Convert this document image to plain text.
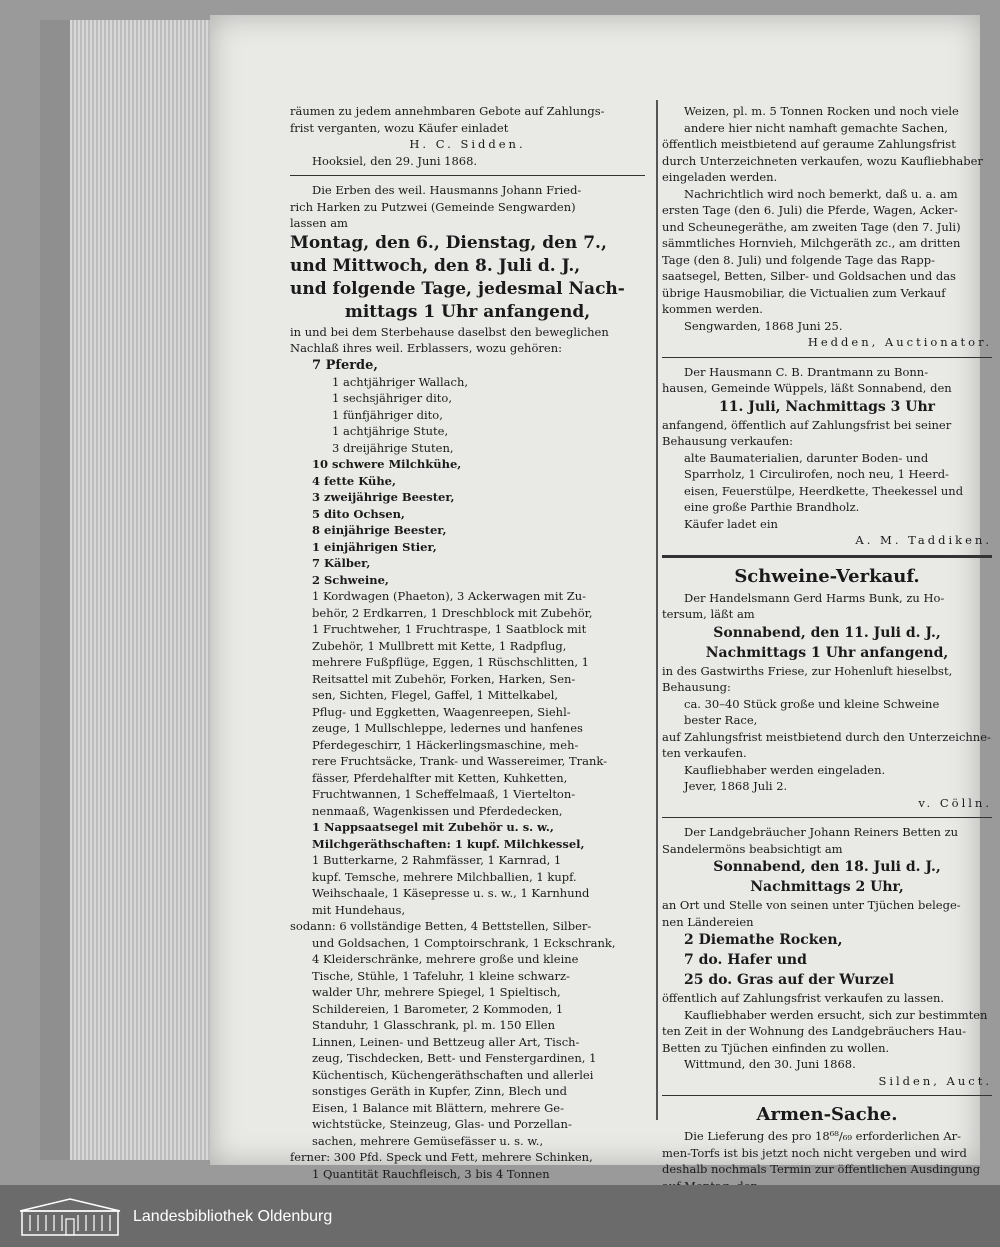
räumen zu jedem annehmbaren Gebote auf Zahlungs-

frist verganten, wozu Käufer einladet

H. C. Sidden.

Hooksiel, den 29. Juni 1868.

Die Erben des weil. Hausmanns Johann Fried-

rich Harken zu Putzwei (Gemeinde Sengwarden)

lassen am

Montag, den 6., Dienstag, den 7.,

und Mittwoch, den 8. Juli d. J.,

und folgende Tage, jedesmal Nach-

mittags 1 Uhr anfangend,

in und bei dem Sterbehause daselbst den beweglichen

Nachlaß ihres weil. Erblassers, wozu gehören:

7 Pferde,

1 achtjähriger Wallach,

1 sechsjähriger dito,

1 fünfjähriger dito,

1 achtjährige Stute,

3 dreijährige Stuten,

10 schwere Milchkühe,

4 fette Kühe,

3 zweijährige Beester,

5 dito Ochsen,

8 einjährige Beester,

1 einjährigen Stier,

7 Kälber,

2 Schweine,

1 Kordwagen (Phaeton), 3 Ackerwagen mit Zu-

behör, 2 Erdkarren, 1 Dreschblock mit Zubehör,

1 Fruchtweher, 1 Fruchtraspe, 1 Saatblock mit

Zubehör, 1 Mullbrett mit Kette, 1 Radpflug,

mehrere Fußpflüge, Eggen, 1 Rüschschlitten, 1

Reitsattel mit Zubehör, Forken, Harken, Sen-

sen, Sichten, Flegel, Gaffel, 1 Mittelkabel,

Pflug- und Eggketten, Waagenreepen, Siehl-

zeuge, 1 Mullschleppe, ledernes und hanfenes

Pferdegeschirr, 1 Häckerlingsmaschine, meh-

rere Fruchtsäcke, Trank- und Wassereimer, Trank-

fässer, Pferdehalfter mit Ketten, Kuhketten,

Fruchtwannen, 1 Scheffelmaaß, 1 Viertelton-

nenmaaß, Wagenkissen und Pferdedecken,

1 Nappsaatsegel mit Zubehör u. s. w.,

Milchgeräthschaften: 1 kupf. Milchkessel,

1 Butterkarne, 2 Rahmfässer, 1 Karnrad, 1

kupf. Temsche, mehrere Milchballien, 1 kupf.

Weihschaale, 1 Käsepresse u. s. w., 1 Karnhund

mit Hundehaus,

sodann: 6 vollständige Betten, 4 Bettstellen, Silber-

und Goldsachen, 1 Comptoirschrank, 1 Eckschrank,

4 Kleiderschränke, mehrere große und kleine

Tische, Stühle, 1 Tafeluhr, 1 kleine schwarz-

walder Uhr, mehrere Spiegel, 1 Spieltisch,

Schildereien, 1 Barometer, 2 Kommoden, 1

Standuhr, 1 Glasschrank, pl. m. 150 Ellen

Linnen, Leinen- und Bettzeug aller Art, Tisch-

zeug, Tischdecken, Bett- und Fenstergardinen, 1

Küchentisch, Küchengeräthschaften und allerlei

sonstiges Geräth in Kupfer, Zinn, Blech und

Eisen, 1 Balance mit Blättern, mehrere Ge-

wichtstücke, Steinzeug, Glas- und Porzellan-

sachen, mehrere Gemüsefässer u. s. w.,

ferner: 300 Pfd. Speck und Fett, mehrere Schinken,

1 Quantität Rauchfleisch, 3 bis 4 Tonnen

Weizen, pl. m. 5 Tonnen Rocken und noch viele

andere hier nicht namhaft gemachte Sachen,

öffentlich meistbietend auf geraume Zahlungsfrist

durch Unterzeichneten verkaufen, wozu Kaufliebhaber

eingeladen werden.

Nachrichtlich wird noch bemerkt, daß u. a. am

ersten Tage (den 6. Juli) die Pferde, Wagen, Acker-

und Scheunegeräthe, am zweiten Tage (den 7. Juli)

sämmtliches Hornvieh, Milchgeräth zc., am dritten

Tage (den 8. Juli) und folgende Tage das Rapp-

saatsegel, Betten, Silber- und Goldsachen und das

übrige Hausmobiliar, die Victualien zum Verkauf

kommen werden.

Sengwarden, 1868 Juni 25.

Hedden, Auctionator.

Der Hausmann C. B. Drantmann zu Bonn-

hausen, Gemeinde Wüppels, läßt Sonnabend, den

11. Juli, Nachmittags 3 Uhr

anfangend, öffentlich auf Zahlungsfrist bei seiner

Behausung verkaufen:

alte Baumaterialien, darunter Boden- und

Sparrholz, 1 Circulirofen, noch neu, 1 Heerd-

eisen, Feuerstülpe, Heerdkette, Theekessel und

eine große Parthie Brandholz.

Käufer ladet ein

A. M. Taddiken.

Schweine-Verkauf.

Der Handelsmann Gerd Harms Bunk, zu Ho-

tersum, läßt am

Sonnabend, den 11. Juli d. J.,

Nachmittags 1 Uhr anfangend,

in des Gastwirths Friese, zur Hohenluft hieselbst,

Behausung:

ca. 30–40 Stück große und kleine Schweine

bester Race,

auf Zahlungsfrist meistbietend durch den Unterzeichne-

ten verkaufen.

Kaufliebhaber werden eingeladen.

Jever, 1868 Juli 2.

v. Cölln.

Der Landgebräucher Johann Reiners Betten zu

Sandelermöns beabsichtigt am

Sonnabend, den 18. Juli d. J.,

Nachmittags 2 Uhr,

an Ort und Stelle von seinen unter Tjüchen belege-

nen Ländereien

2 Diemathe Rocken,

7 do. Hafer und

25 do. Gras auf der Wurzel

öffentlich auf Zahlungsfrist verkaufen zu lassen.

Kaufliebhaber werden ersucht, sich zur bestimmten

ten Zeit in der Wohnung des Landgebräuchers Hau-

Betten zu Tjüchen einfinden zu wollen.

Wittmund, den 30. Juni 1868.

Silden, Auct.

Armen-Sache.

Die Lieferung des pro 18⁶⁸/₆₉ erforderlichen Ar-

men-Torfs ist bis jetzt noch nicht vergeben und wird

deshalb nochmals Termin zur öffentlichen Ausdingung

Landesbibliothek Oldenburg
